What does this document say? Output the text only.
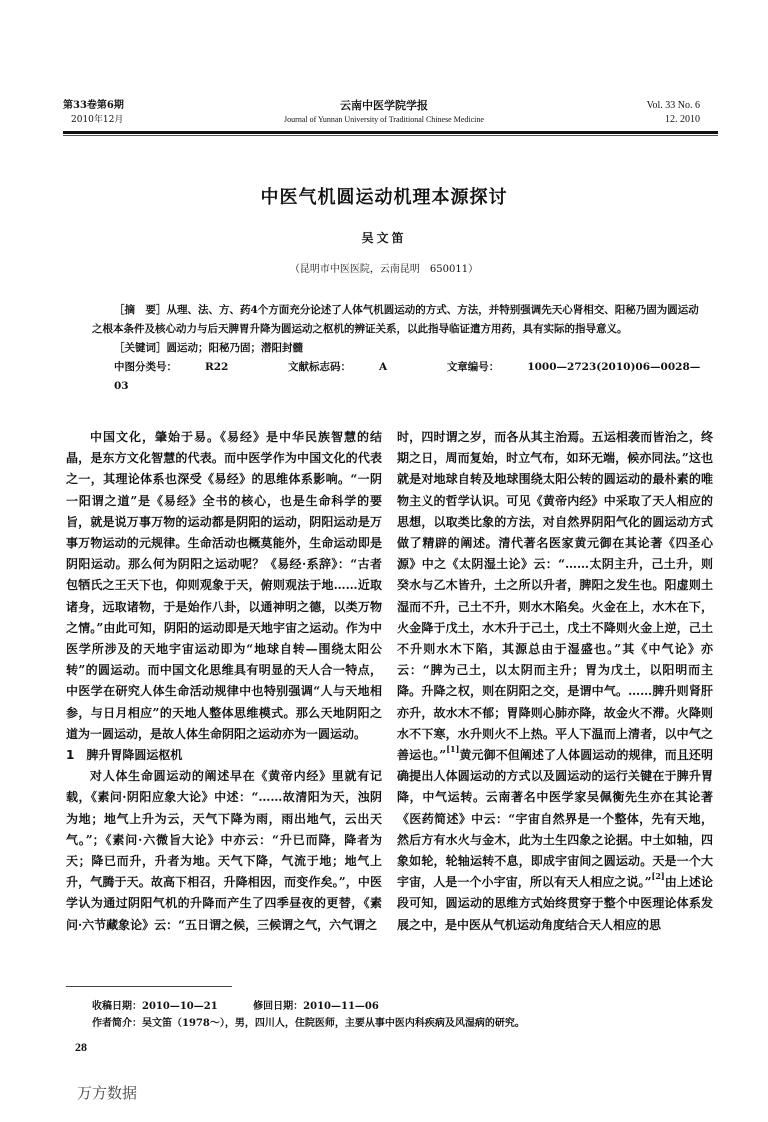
第33卷第6期
2010年12月
云南中医学院学报
Journal of Yunnan University of Traditional Chinese Medicine
Vol. 33 No. 6
12. 2010
中医气机圆运动机理本源探讨
吴文笛
（昆明市中医医院，云南昆明　650011）

［摘　要］从理、法、方、药4个方面充分论述了人体气机圆运动的方式、方法，并特别强调先天心肾相交、阳秘乃固为圆运动之根本条件及核心动力与后天脾胃升降为圆运动之枢机的辨证关系，以此指导临证遣方用药，具有实际的指导意义。

［关键词］圆运动；阳秘乃固；潜阳封髓

中图分类号：	R22	文献标志码：	A	文章编号：	1000—2723(2010)06—0028—03

中国文化，肇始于易。《易经》是中华民族智慧的结晶，是东方文化智慧的代表。而中医学作为中国文化的代表之一，其理论体系也深受《易经》的思维体系影响。“一阴一阳谓之道”是《易经》全书的核心，也是生命科学的要旨，就是说万事万物的运动都是阴阳的运动，阴阳运动是万事万物运动的元规律。生命活动也概莫能外，生命运动即是阴阳运动。那么何为阴阳之运动呢？《易经·系辞》：“古者包牺氏之王天下也，仰则观象于天，俯则观法于地……近取诸身，远取诸物，于是始作八卦，以通神明之德，以类万物之情。”由此可知，阴阳的运动即是天地宇宙之运动。作为中医学所涉及的天地宇宙运动即为“地球自转—围绕太阳公转”的圆运动。而中国文化思维具有明显的天人合一特点，中医学在研究人体生命活动规律中也特别强调“人与天地相参，与日月相应”的天地人整体思维模式。那么天地阴阳之道为一圆运动，是故人体生命阴阳之运动亦为一圆运动。

1　脾升胃降圆运枢机

对人体生命圆运动的阐述早在《黄帝内经》里就有记载，《素问·阴阳应象大论》中述：“……故清阳为天，浊阴为地；地气上升为云，天气下降为雨，雨出地气，云出天气。”；《素问·六微旨大论》中亦云：“升已而降，降者为天；降已而升，升者为地。天气下降，气流于地；地气上升，气腾于天。故高下相召，升降相因，而变作矣。”，中医学认为通过阴阳气机的升降而产生了四季昼夜的更替，《素问·六节藏象论》云：“五日谓之候，三候谓之气，六气谓之

时，四时谓之岁，而各从其主治焉。五运相袭而皆治之，终期之日，周而复始，时立气布，如环无端，候亦同法。”这也就是对地球自转及地球围绕太阳公转的圆运动的最朴素的唯物主义的哲学认识。可见《黄帝内经》中采取了天人相应的思想，以取类比象的方法，对自然界阴阳气化的圆运动方式做了精辟的阐述。清代著名医家黄元御在其论著《四圣心源》中之《太阴湿土论》云：“……太阴主升，己土升，则癸水与乙木皆升，土之所以升者，脾阳之发生也。阳虚则土湿而不升，己土不升，则水木陷矣。火金在上，水木在下，火金降于戊土，水木升于己土，戊土不降则火金上逆，己土不升则水木下陷，其源总由于湿盛也。”其《中气论》亦云：“脾为己土，以太阴而主升；胃为戊土，以阳明而主降。升降之权，则在阴阳之交，是谓中气。……脾升则肾肝亦升，故水木不郁；胃降则心肺亦降，故金火不滞。火降则水不下寒，水升则火不上热。平人下温而上清者，以中气之善运也。”[1]黄元御不但阐述了人体圆运动的规律，而且还明确提出人体圆运动的方式以及圆运动的运行关键在于脾升胃降，中气运转。云南著名中医学家吴佩衡先生亦在其论著《医药简述》中云：“宇宙自然界是一个整体，先有天地，然后方有水火与金木，此为土生四象之论据。中土如轴，四象如轮，轮轴运转不息，即成宇宙间之圆运动。天是一个大宇宙，人是一个小宇宙，所以有天人相应之说。”[2]由上述论段可知，圆运动的思维方式始终贯穿于整个中医理论体系发展之中，是中医从气机运动角度结合天人相应的思

收稿日期：2010—10—21	修回日期：2010—11—06

作者简介：吴文笛（1978～），男，四川人，住院医师，主要从事中医内科疾病及风湿病的研究。

28
万方数据
